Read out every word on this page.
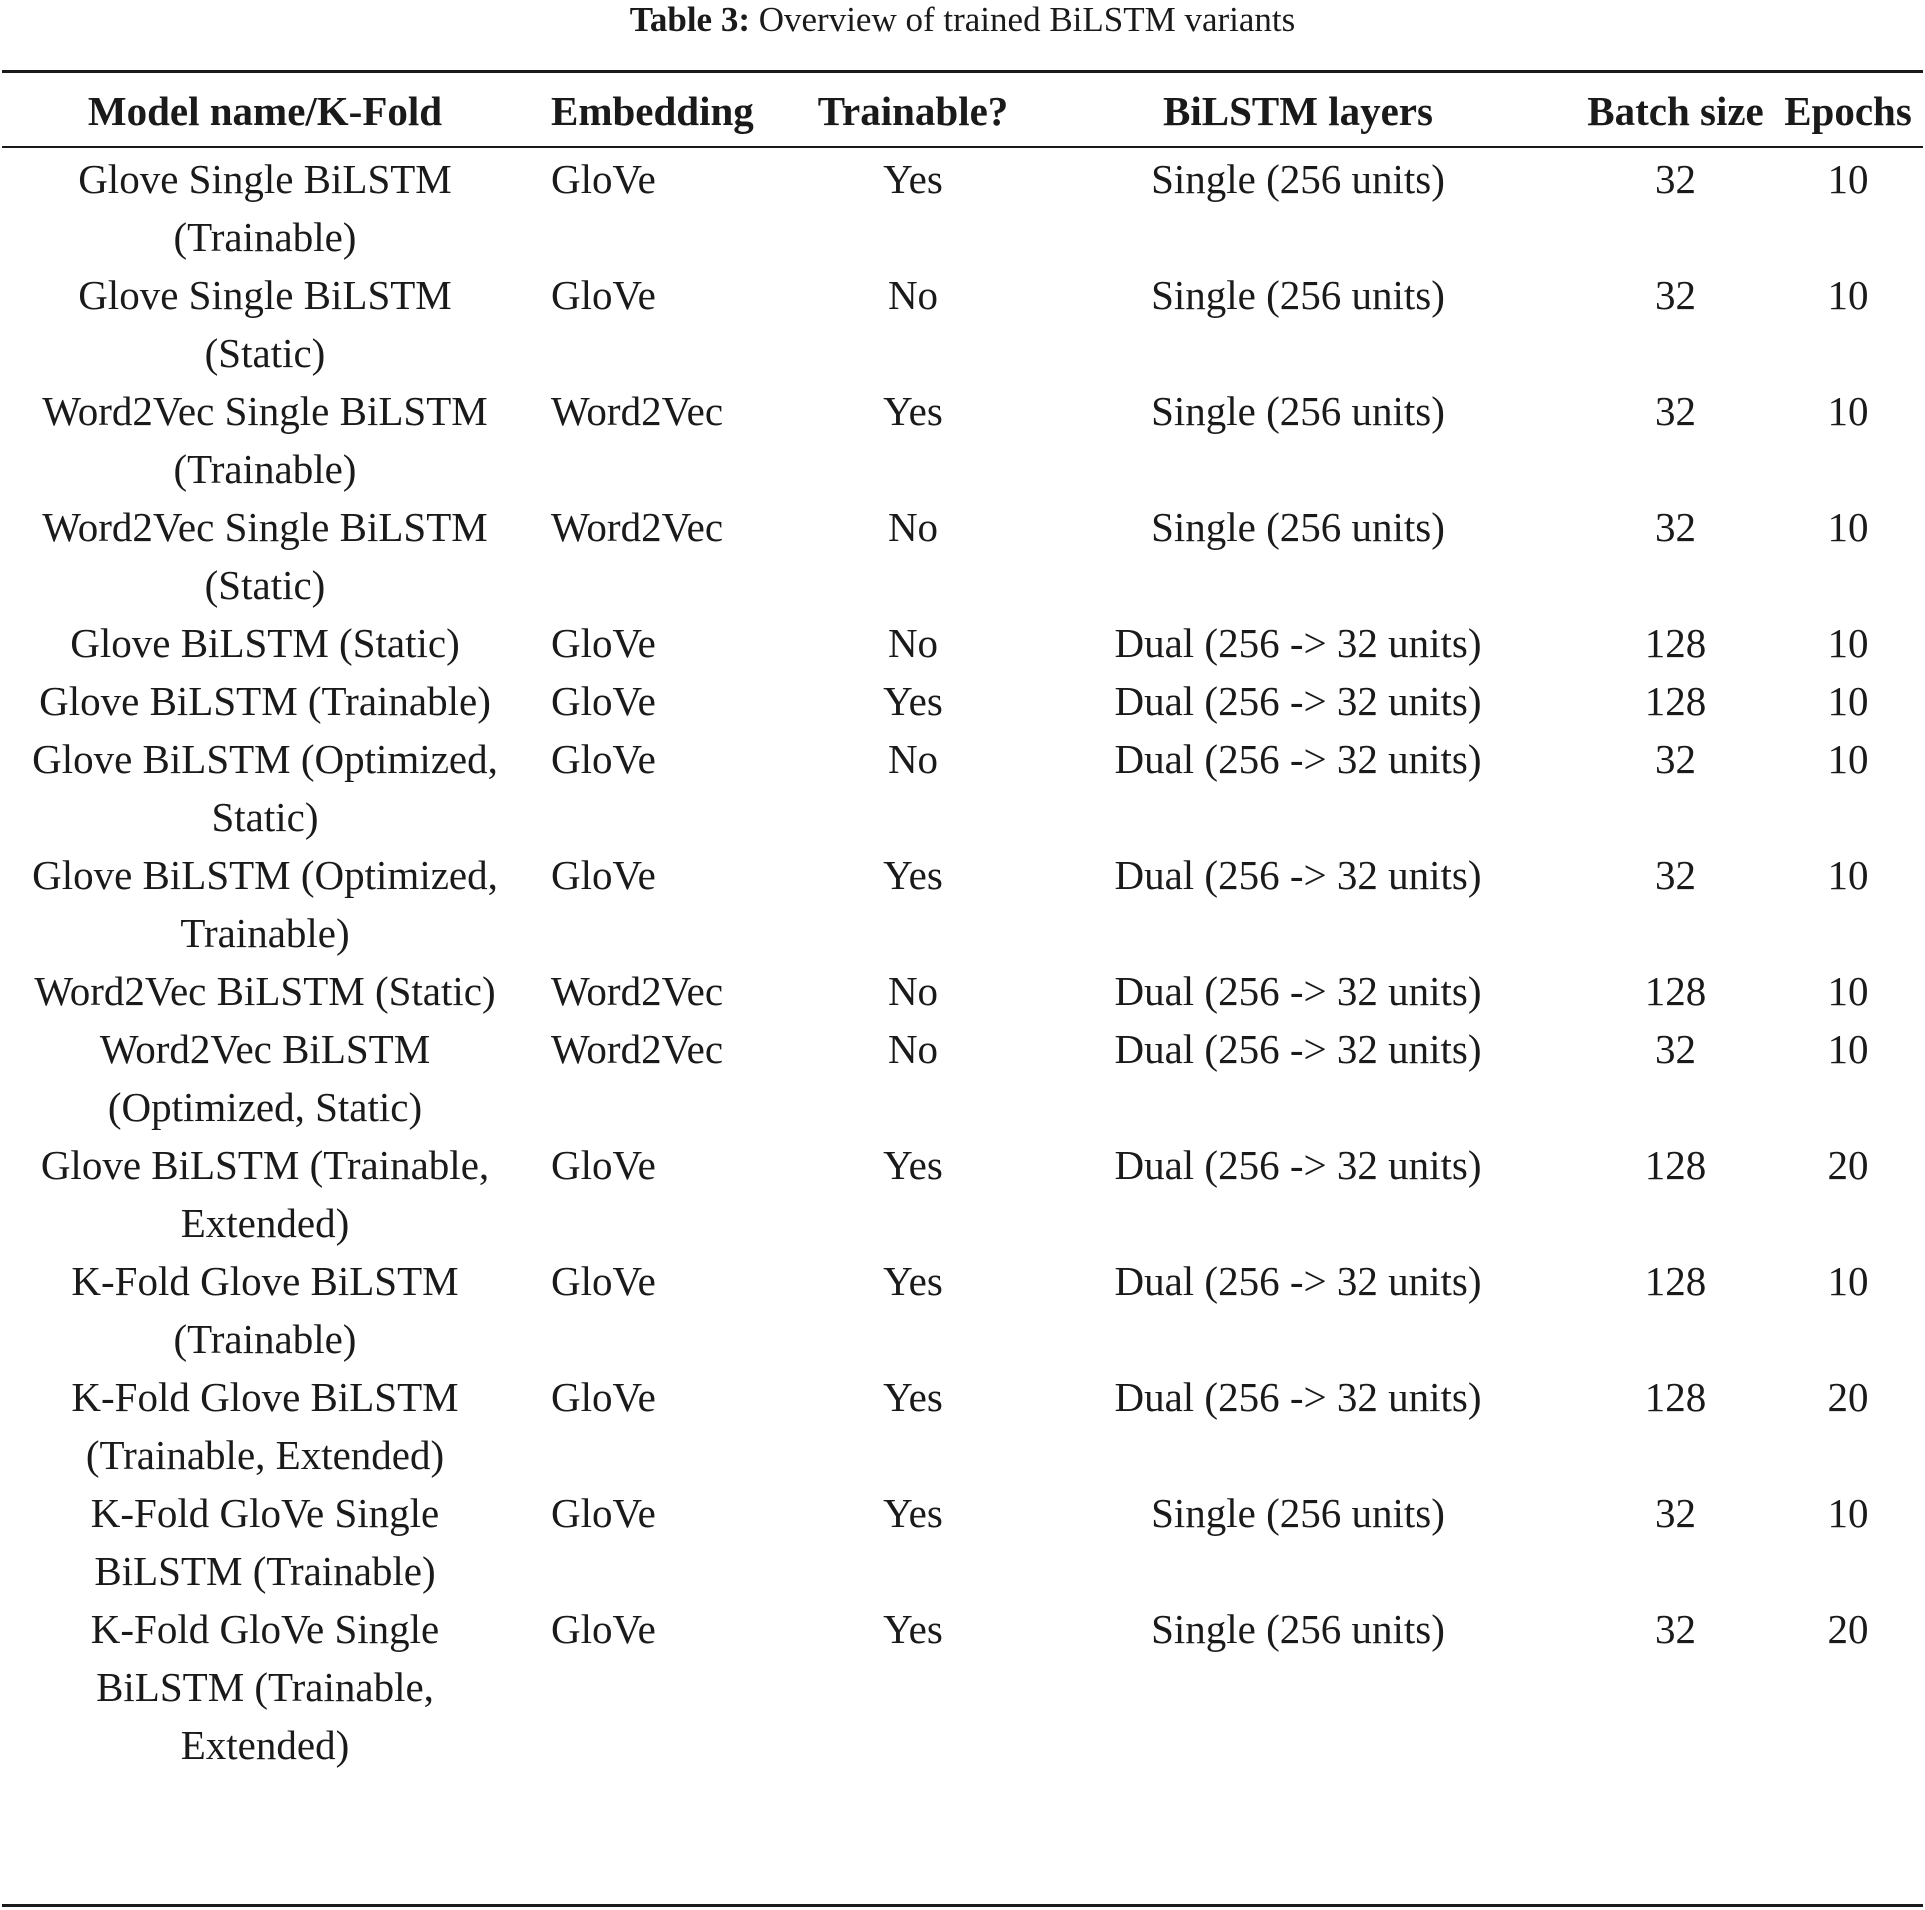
Table 3: Overview of trained BiLSTM variants
Model name/K-Fold	Embedding	Trainable?	BiLSTM layers	Batch size	Epochs
Glove Single BiLSTM (Trainable)	GloVe	Yes	Single (256 units)	32	10
Glove Single BiLSTM (Static)	GloVe	No	Single (256 units)	32	10
Word2Vec Single BiLSTM (Trainable)	Word2Vec	Yes	Single (256 units)	32	10
Word2Vec Single BiLSTM (Static)	Word2Vec	No	Single (256 units)	32	10
Glove BiLSTM (Static)	GloVe	No	Dual (256 -> 32 units)	128	10
Glove BiLSTM (Trainable)	GloVe	Yes	Dual (256 -> 32 units)	128	10
Glove BiLSTM (Optimized, Static)	GloVe	No	Dual (256 -> 32 units)	32	10
Glove BiLSTM (Optimized, Trainable)	GloVe	Yes	Dual (256 -> 32 units)	32	10
Word2Vec BiLSTM (Static)	Word2Vec	No	Dual (256 -> 32 units)	128	10
Word2Vec BiLSTM (Optimized, Static)	Word2Vec	No	Dual (256 -> 32 units)	32	10
Glove BiLSTM (Trainable, Extended)	GloVe	Yes	Dual (256 -> 32 units)	128	20
K-Fold Glove BiLSTM (Trainable)	GloVe	Yes	Dual (256 -> 32 units)	128	10
K-Fold Glove BiLSTM (Trainable, Extended)	GloVe	Yes	Dual (256 -> 32 units)	128	20
K-Fold GloVe Single BiLSTM (Trainable)	GloVe	Yes	Single (256 units)	32	10
K-Fold GloVe Single BiLSTM (Trainable, Extended)	GloVe	Yes	Single (256 units)	32	20
